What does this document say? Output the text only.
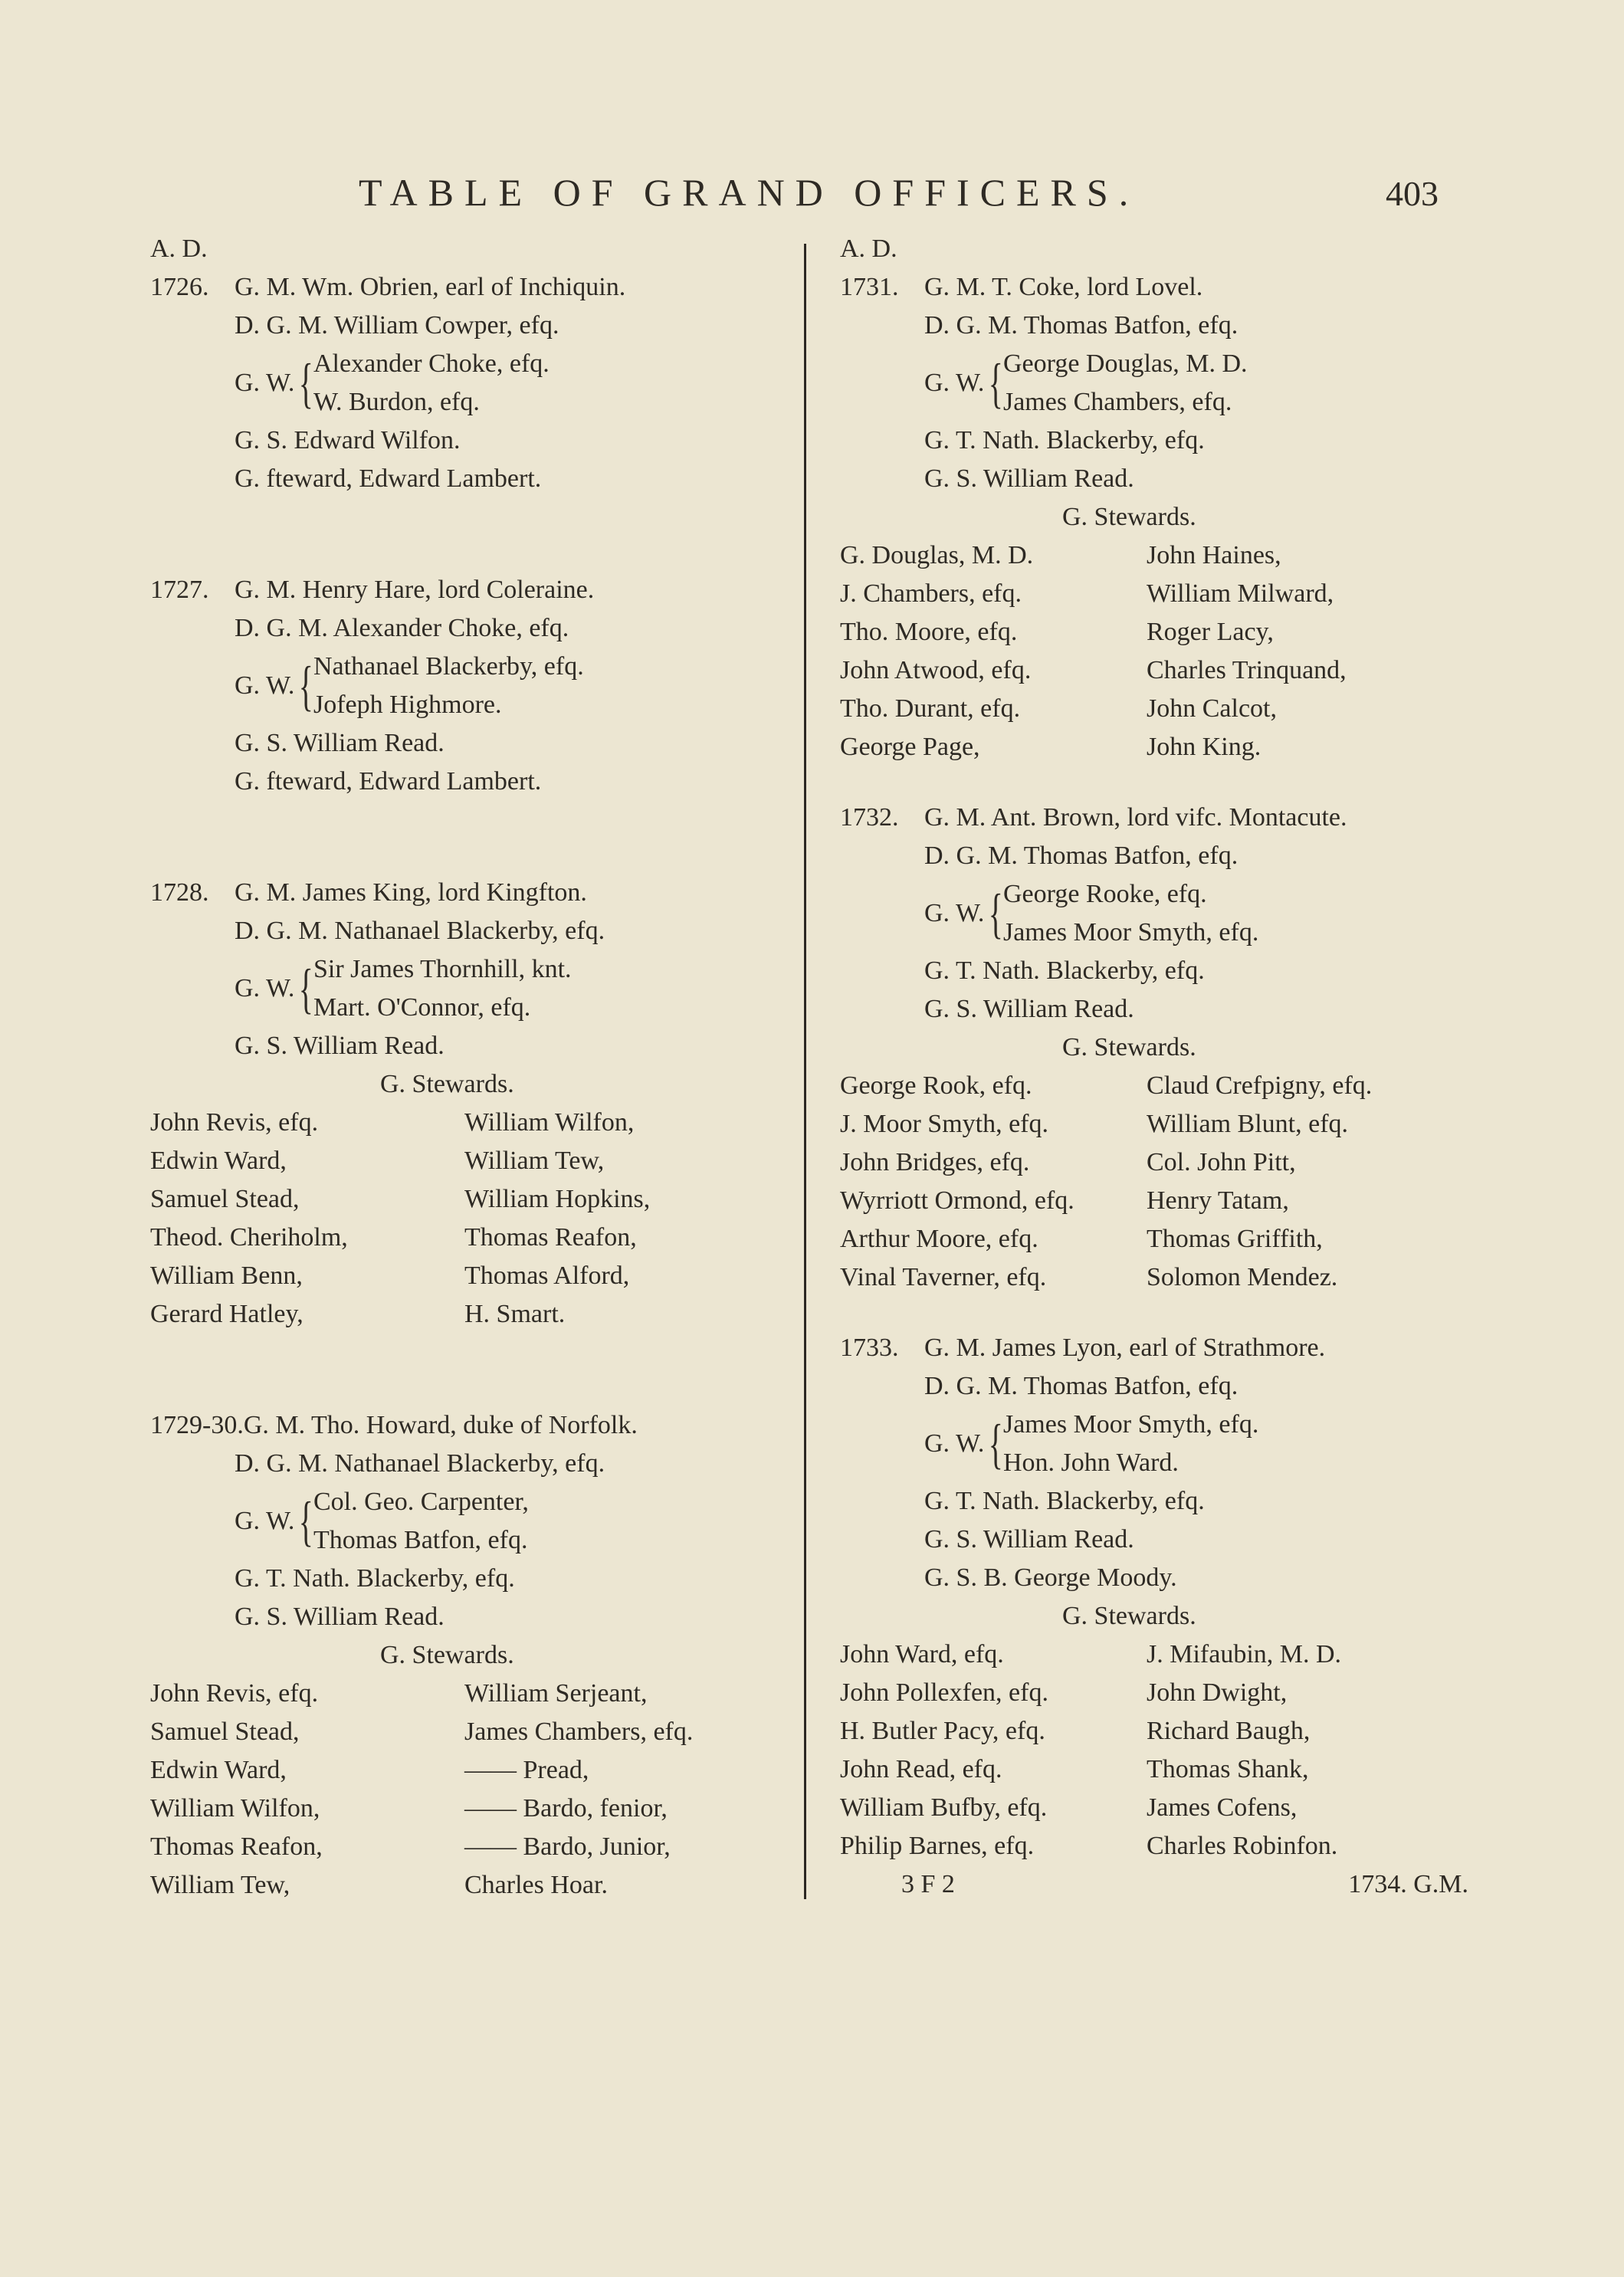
TABLE OF GRAND OFFICERS.	403
A. D.
1726. G. M. Wm. Obrien, earl of Inchiquin.
D. G. M. William Cowper, efq.
G. W. { Alexander Choke, efq.
W. Burdon, efq.
G. S. Edward Wilfon.
G. fteward, Edward Lambert.
1727. G. M. Henry Hare, lord Coleraine.
D. G. M. Alexander Choke, efq.
G. W. { Nathanael Blackerby, efq.
Jofeph Highmore.
G. S. William Read.
G. fteward, Edward Lambert.
1728. G. M. James King, lord Kingfton.
D. G. M. Nathanael Blackerby, efq.
G. W. { Sir James Thornhill, knt.
Mart. O'Connor, efq.
G. S. William Read.
G. Stewards.
John Revis, efq.	William Wilfon,
Edwin Ward,	William Tew,
Samuel Stead,	William Hopkins,
Theod. Cheriholm,	Thomas Reafon,
William Benn,	Thomas Alford,
Gerard Hatley,	H. Smart.
1729-30. G. M. Tho. Howard, duke of Norfolk.
D. G. M. Nathanael Blackerby, efq.
G. W. { Col. Geo. Carpenter,
Thomas Batfon, efq.
G. T. Nath. Blackerby, efq.
G. S. William Read.
G. Stewards.
John Revis, efq.	William Serjeant,
Samuel Stead,	James Chambers, efq.
Edwin Ward,	—— Pread,
William Wilfon,	—— Bardo, fenior,
Thomas Reafon,	—— Bardo, Junior,
William Tew,	Charles Hoar.
A. D.
1731. G. M. T. Coke, lord Lovel.
D. G. M. Thomas Batfon, efq.
G. W. { George Douglas, M. D.
James Chambers, efq.
G. T. Nath. Blackerby, efq.
G. S. William Read.
G. Stewards.
G. Douglas, M. D.	John Haines,
J. Chambers, efq.	William Milward,
Tho. Moore, efq.	Roger Lacy,
John Atwood, efq.	Charles Trinquand,
Tho. Durant, efq.	John Calcot,
George Page,	John King.
1732. G. M. Ant. Brown, lord vifc. Montacute.
D. G. M. Thomas Batfon, efq.
G. W. { George Rooke, efq.
James Moor Smyth, efq.
G. T. Nath. Blackerby, efq.
G. S. William Read.
G. Stewards.
George Rook, efq.	Claud Crefpigny, efq.
J. Moor Smyth, efq.	William Blunt, efq.
John Bridges, efq.	Col. John Pitt,
Wyrriott Ormond, efq.	Henry Tatam,
Arthur Moore, efq.	Thomas Griffith,
Vinal Taverner, efq.	Solomon Mendez.
1733. G. M. James Lyon, earl of Strathmore.
D. G. M. Thomas Batfon, efq.
G. W. { James Moor Smyth, efq.
Hon. John Ward.
G. T. Nath. Blackerby, efq.
G. S. William Read.
G. S. B. George Moody.
G. Stewards.
John Ward, efq.	J. Mifaubin, M. D.
John Pollexfen, efq.	John Dwight,
H. Butler Pacy, efq.	Richard Baugh,
John Read, efq.	Thomas Shank,
William Bufby, efq.	James Cofens,
Philip Barnes, efq.	Charles Robinfon.
3 F 2	1734. G.M.
